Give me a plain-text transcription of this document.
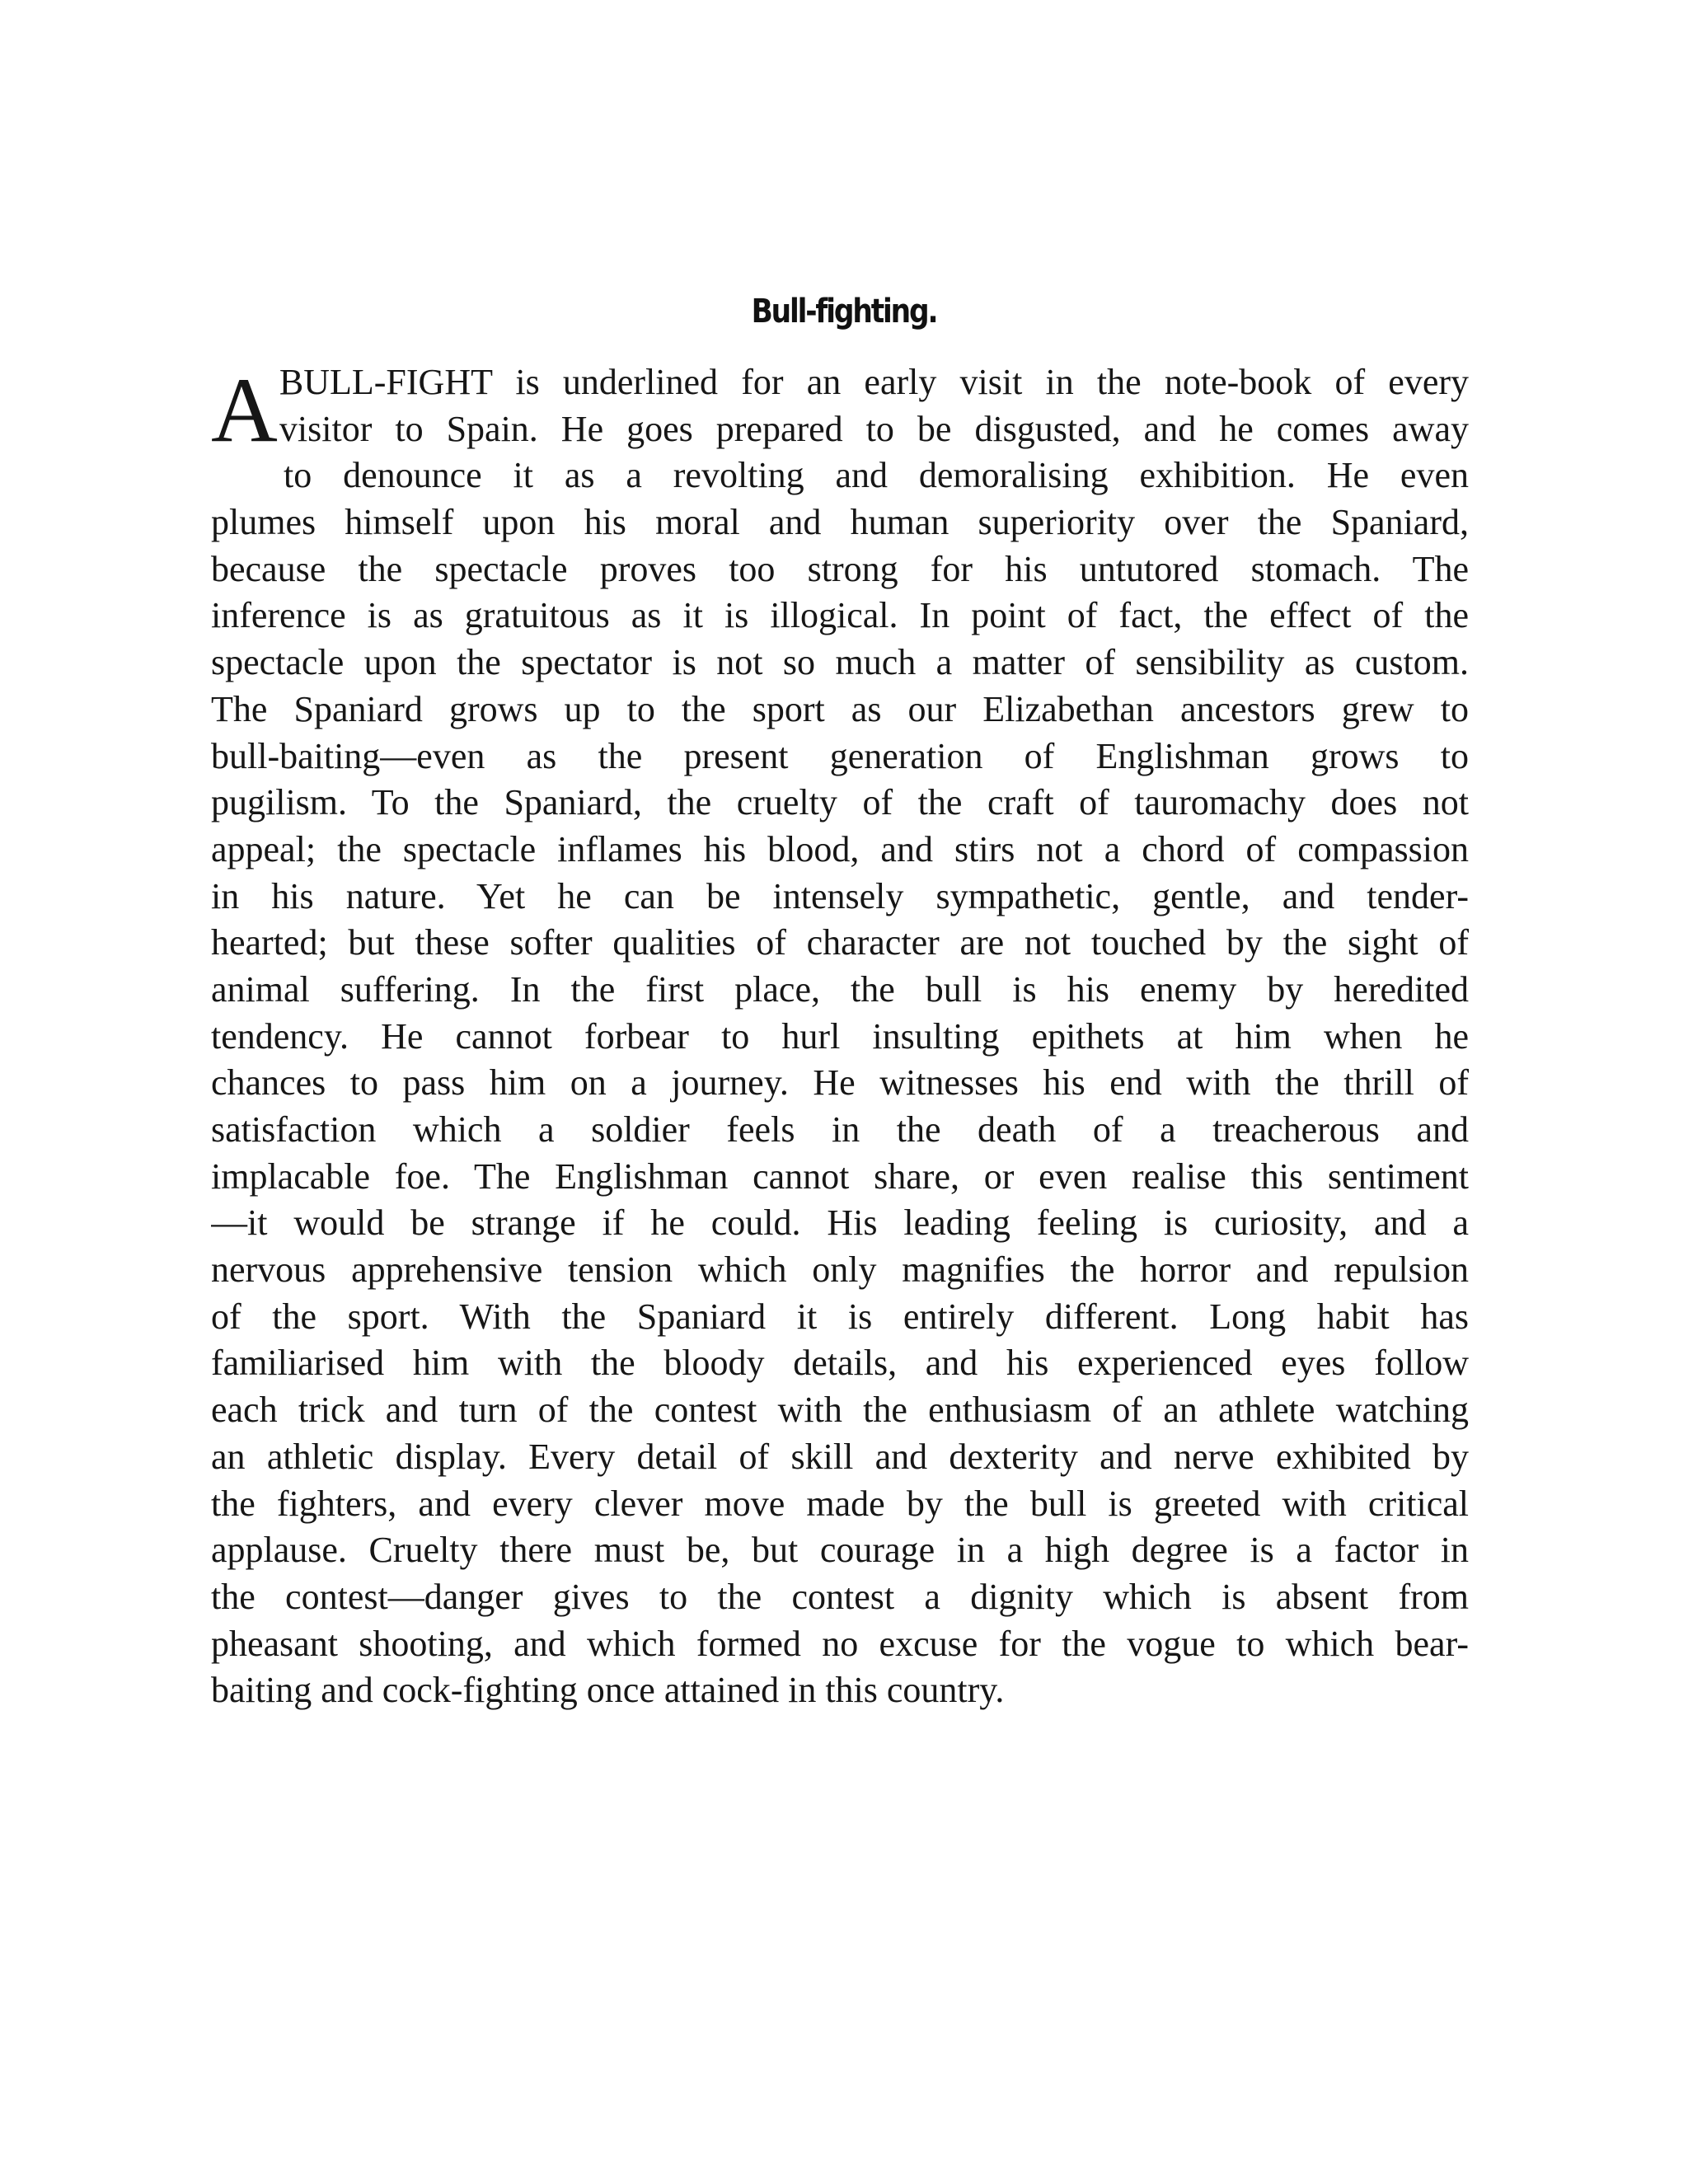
Bull-fighting.
A BULL-FIGHT is underlined for an early visit in the note-book of every
visitor to Spain. He goes prepared to be disgusted, and he comes away
to denounce it as a revolting and demoralising exhibition. He even
plumes himself upon his moral and human superiority over the Spaniard,
because the spectacle proves too strong for his untutored stomach. The
inference is as gratuitous as it is illogical. In point of fact, the effect of the
spectacle upon the spectator is not so much a matter of sensibility as custom.
The Spaniard grows up to the sport as our Elizabethan ancestors grew to
bull-baiting—even as the present generation of Englishman grows to
pugilism. To the Spaniard, the cruelty of the craft of tauromachy does not
appeal; the spectacle inflames his blood, and stirs not a chord of compassion
in his nature. Yet he can be intensely sympathetic, gentle, and tender-
hearted; but these softer qualities of character are not touched by the sight of
animal suffering. In the first place, the bull is his enemy by heredited
tendency. He cannot forbear to hurl insulting epithets at him when he
chances to pass him on a journey. He witnesses his end with the thrill of
satisfaction which a soldier feels in the death of a treacherous and
implacable foe. The Englishman cannot share, or even realise this sentiment
—it would be strange if he could. His leading feeling is curiosity, and a
nervous apprehensive tension which only magnifies the horror and repulsion
of the sport. With the Spaniard it is entirely different. Long habit has
familiarised him with the bloody details, and his experienced eyes follow
each trick and turn of the contest with the enthusiasm of an athlete watching
an athletic display. Every detail of skill and dexterity and nerve exhibited by
the fighters, and every clever move made by the bull is greeted with critical
applause. Cruelty there must be, but courage in a high degree is a factor in
the contest—danger gives to the contest a dignity which is absent from
pheasant shooting, and which formed no excuse for the vogue to which bear-
baiting and cock-fighting once attained in this country.
